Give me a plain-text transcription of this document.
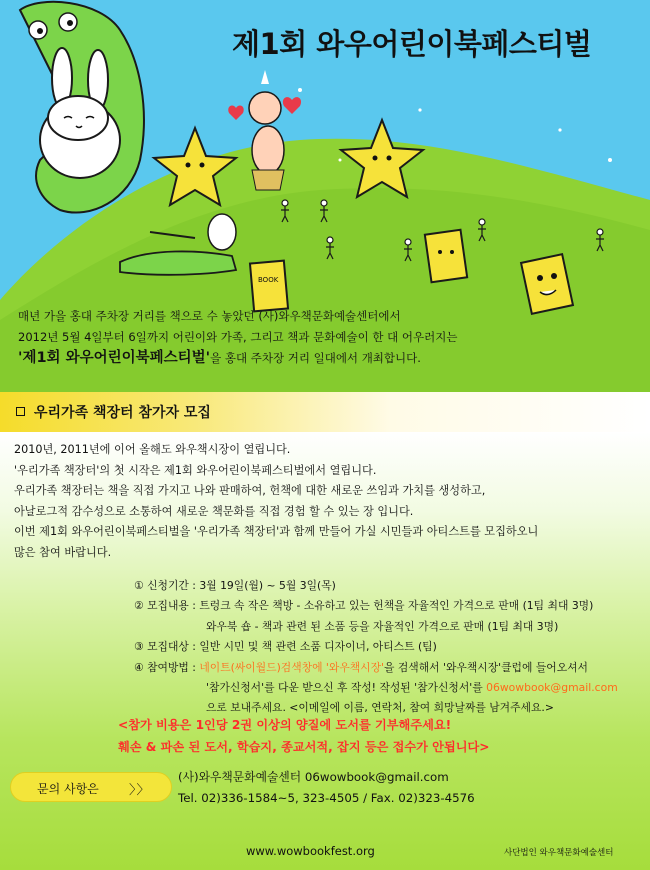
BOOK
제1회 와우어린이북페스티벌
매년 가을 홍대 주차장 거리를 책으로 수 놓았던 (사)와우책문화예술센터에서
2012년 5월 4일부터 6일까지 어린이와 가족, 그리고 책과 문화예술이 한 대 어우러지는
'제1회 와우어린이북페스티벌'을 홍대 주차장 거리 일대에서 개최합니다.
우리가족 책장터 참가자 모집
2010년, 2011년에 이어 올해도 와우책시장이 열립니다.
'우리가족 책장터'의 첫 시작은 제1회 와우어린이북페스티벌에서 열립니다.
우리가족 책장터는 책을 직접 가지고 나와 판매하여, 헌책에 대한 새로운 쓰임과 가치를 생성하고,
아날로그적 감수성으로 소통하여 새로운 책문화를 직접 경험 할 수 있는 장 입니다.
이번 제1회 와우어린이북페스티벌을 '우리가족 책장터'과 함께 만들어 가실 시민들과 아티스트를 모집하오니
많은 참여 바랍니다.
① 신청기간 : 3월 19일(월) ~ 5월 3일(목)
② 모집내용 : 트렁크 속 작은 책방 - 소유하고 있는 헌책을 자율적인 가격으로 판매 (1팀 최대 3명)
와우북 숍 - 책과 관련 된 소품 등을 자율적인 가격으로 판매 (1팀 최대 3명)
③ 모집대상 : 일반 시민 및 책 관련 소품 디자이너, 아티스트 (팀)
④ 참여방법 : 네이트(싸이월드)검색창에 '와우책시장'을 검색해서 '와우책시장'클럽에 들어오셔서
'참가신청서'를 다운 받으신 후 작성! 작성된 '참가신청서'를 06wowbook@gmail.com
으로 보내주세요. <이메일에 이름, 연락처, 참여 희망날짜를 남겨주세요.>
<참가 비용은 1인당 2권 이상의 양질에 도서를 기부해주세요!
훼손 & 파손 된 도서, 학습지, 종교서적, 잡지 등은 접수가 안됩니다>
문의 사항은 〉〉
(사)와우책문화예술센터 06wowbook@gmail.com
Tel. 02)336-1584~5, 323-4505 / Fax. 02)323-4576
www.wowbookfest.org	사단법인 와우책문화예술센터
